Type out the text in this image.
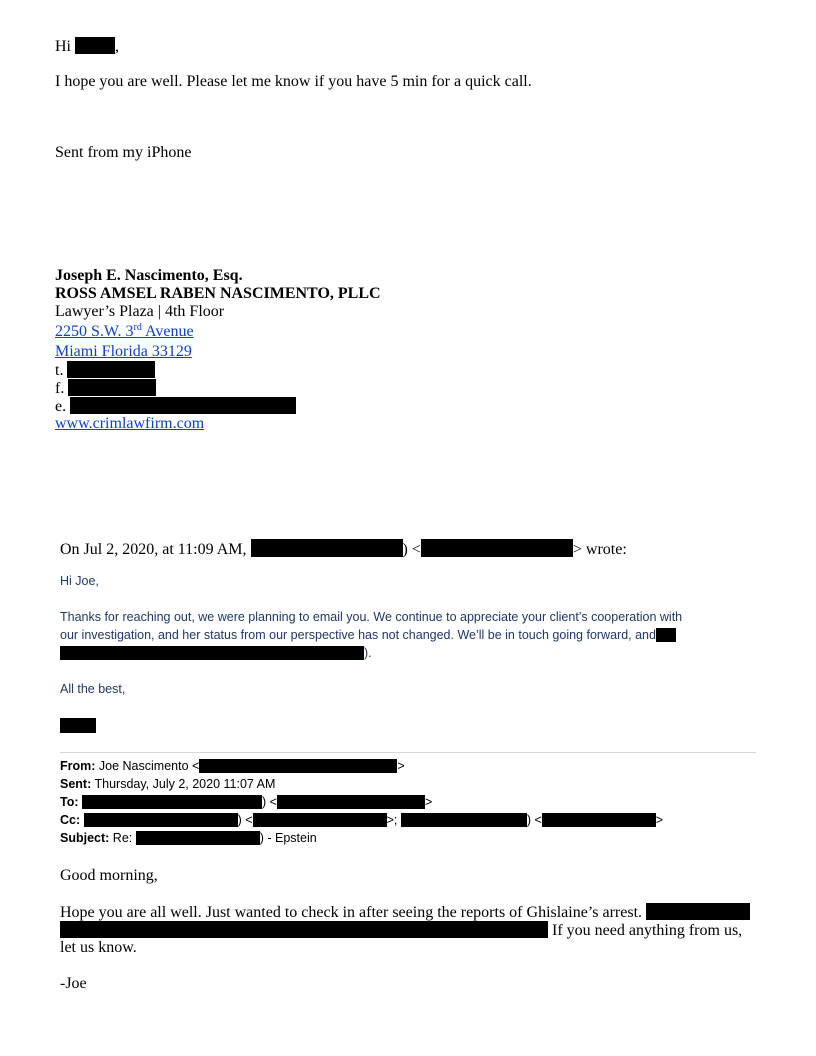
Hi	,
I hope you are well. Please let me know if you have 5 min for a quick call.
Sent from my iPhone
Joseph E. Nascimento, Esq.
ROSS AMSEL RABEN NASCIMENTO, PLLC
Lawyer’s Plaza | 4th Floor
2250 S.W. 3rd Avenue
Miami Florida 33129
t.
f.
e.
www.crimlawfirm.com
On Jul 2, 2020, at 11:09 AM,	) <	> wrote:
Hi Joe,
Thanks for reaching out, we were planning to email you. We continue to appreciate your client’s cooperation with
our investigation, and her status from our perspective has not changed. We’ll be in touch going forward, and
).
All the best,
From: Joe Nascimento <	>
Sent: Thursday, July 2, 2020 11:07 AM
To:	) <	>
Cc:	) <	>;	) <	>
Subject: Re:	) - Epstein
Good morning,
Hope you are all well. Just wanted to check in after seeing the reports of Ghislaine’s arrest.
If you need anything from us,
let us know.
-Joe
